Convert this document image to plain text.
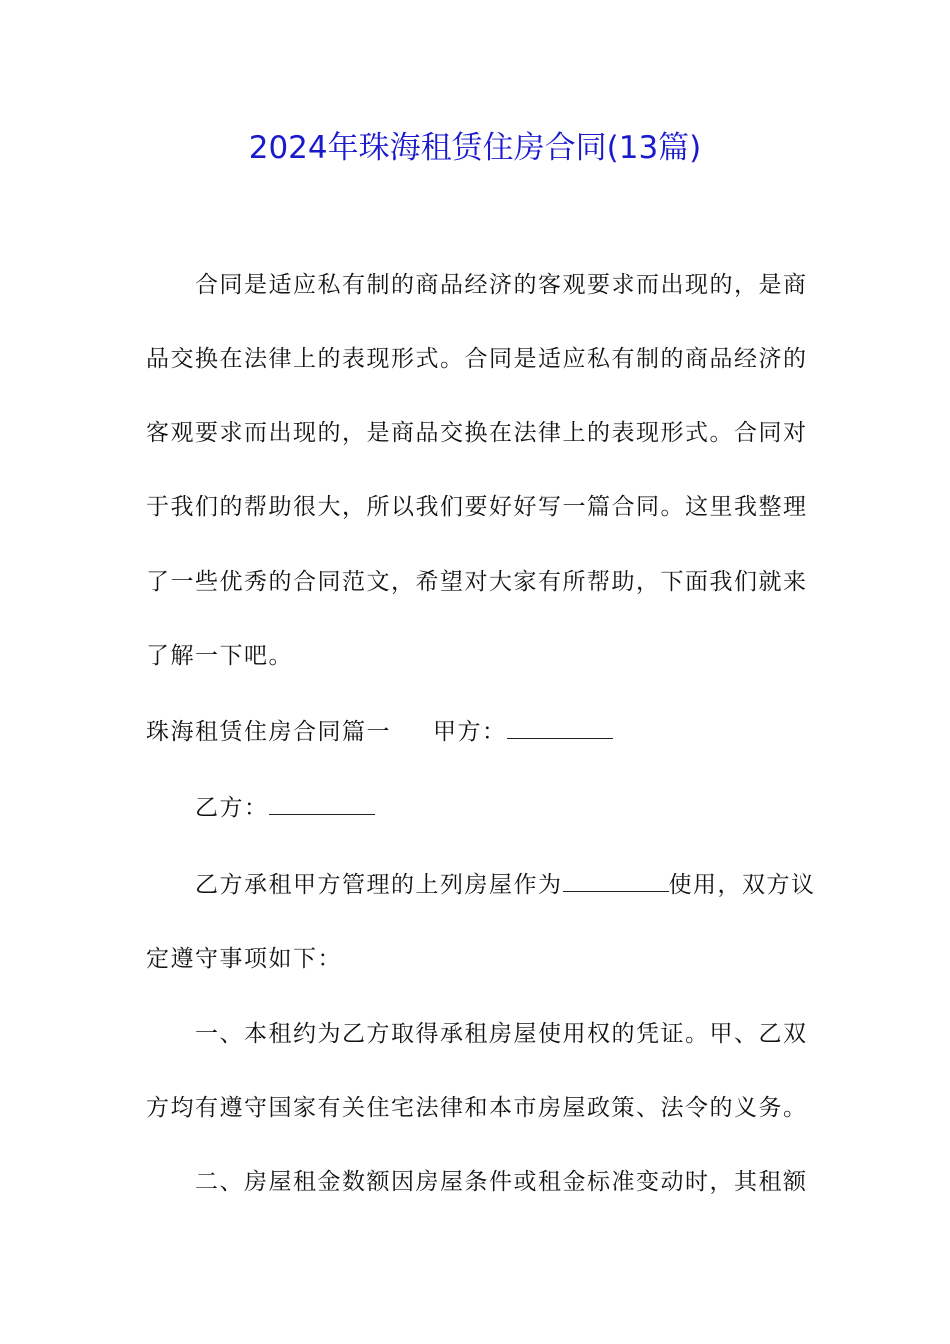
2024年珠海租赁住房合同(13篇)
合同是适应私有制的商品经济的客观要求而出现的，是商
品交换在法律上的表现形式。合同是适应私有制的商品经济的
客观要求而出现的，是商品交换在法律上的表现形式。合同对
于我们的帮助很大，所以我们要好好写一篇合同。这里我整理
了一些优秀的合同范文，希望对大家有所帮助，下面我们就来
了解一下吧。
珠海租赁住房合同篇一 甲方：
乙方：
乙方承租甲方管理的上列房屋作为	使用，双方议
定遵守事项如下：
一、本租约为乙方取得承租房屋使用权的凭证。甲、乙双
方均有遵守国家有关住宅法律和本市房屋政策、法令的义务。
二、房屋租金数额因房屋条件或租金标准变动时，其租额
